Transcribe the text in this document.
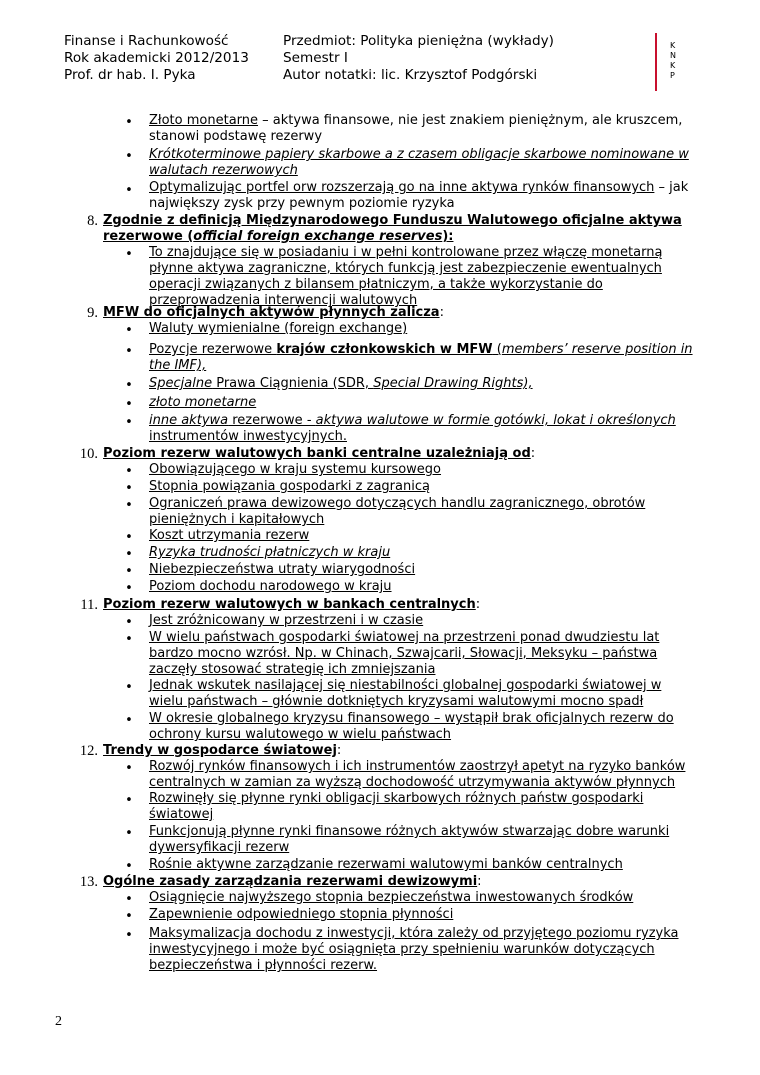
Finanse i Rachunkowość
Rok akademicki 2012/2013
Prof. dr hab. I. Pyka
Przedmiot: Polityka pieniężna (wykłady)
Semestr I
Autor notatki: lic. Krzysztof Podgórski
K
N
K
P
• Złoto monetarne – aktywa finansowe, nie jest znakiem pieniężnym, ale kruszcem, stanowi podstawę rezerwy
• Krótkoterminowe papiery skarbowe a z czasem obligacje skarbowe nominowane w walutach rezerwowych
• Optymalizując portfel orw rozszerzają go na inne aktywa rynków finansowych – jak największy zysk przy pewnym poziomie ryzyka
8. Zgodnie z definicją Międzynarodowego Funduszu Walutowego oficjalne aktywa rezerwowe (official foreign exchange reserves):
• To znajdujące się w posiadaniu i w pełni kontrolowane przez włączę monetarną płynne aktywa zagraniczne, których funkcją jest zabezpieczenie ewentualnych operacji związanych z bilansem płatniczym, a także wykorzystanie do przeprowadzenia interwencji walutowych
9. MFW do oficjalnych aktywów płynnych zalicza:
• Waluty wymienialne (foreign exchange)
• Pozycje rezerwowe krajów członkowskich w MFW (members’ reserve position in the IMF),
• Specjalne Prawa Ciągnienia (SDR, Special Drawing Rights),
• złoto monetarne
• inne aktywa rezerwowe - aktywa walutowe w formie gotówki, lokat i określonych
instrumentów inwestycyjnych.
10. Poziom rezerw walutowych banki centralne uzależniają od:
• Obowiązującego w kraju systemu kursowego
• Stopnia powiązania gospodarki z zagranicą
• Ograniczeń prawa dewizowego dotyczących handlu zagranicznego, obrotów pieniężnych i kapitałowych
• Koszt utrzymania rezerw
• Ryzyka trudności płatniczych w kraju
• Niebezpieczeństwa utraty wiarygodności
• Poziom dochodu narodowego w kraju
11. Poziom rezerw walutowych w bankach centralnych:
• Jest zróżnicowany w przestrzeni i w czasie
• W wielu państwach gospodarki światowej na przestrzeni ponad dwudziestu lat bardzo mocno wzrósł. Np. w Chinach, Szwajcarii, Słowacji, Meksyku – państwa zaczęły stosować strategię ich zmniejszania
• Jednak wskutek nasilającej się niestabilności globalnej gospodarki światowej w wielu państwach – głównie dotkniętych kryzysami walutowymi mocno spadł
• W okresie globalnego kryzysu finansowego – wystąpił brak oficjalnych rezerw do ochrony kursu walutowego w wielu państwach
12. Trendy w gospodarce światowej:
• Rozwój rynków finansowych i ich instrumentów zaostrzył apetyt na ryzyko banków centralnych w zamian za wyższą dochodowość utrzymywania aktywów płynnych
• Rozwinęły się płynne rynki obligacji skarbowych różnych państw gospodarki światowej
• Funkcjonują płynne rynki finansowe różnych aktywów stwarzając dobre warunki dywersyfikacji rezerw
• Rośnie aktywne zarządzanie rezerwami walutowymi banków centralnych
13. Ogólne zasady zarządzania rezerwami dewizowymi:
• Osiągnięcie najwyższego stopnia bezpieczeństwa inwestowanych środków
• Zapewnienie odpowiedniego stopnia płynności
• Maksymalizacja dochodu z inwestycji, która zależy od przyjętego poziomu ryzyka inwestycyjnego i może być osiągnięta przy spełnieniu warunków dotyczących bezpieczeństwa i płynności rezerw.
2
